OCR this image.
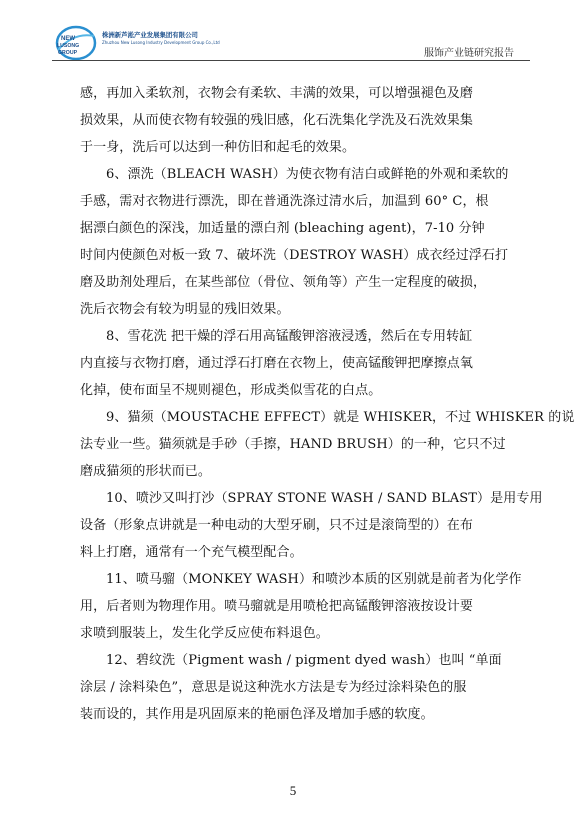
NEW
LUSONG
GROUP
株洲新芦淞产业发展集团有限公司
Zhuzhou New Lusong Industry Development Group Co.,Ltd
服饰产业链研究报告
感，再加入柔软剂，衣物会有柔软、丰满的效果，可以增强褪色及磨
损效果，从而使衣物有较强的残旧感，化石洗集化学洗及石洗效果集
于一身，洗后可以达到一种仿旧和起毛的效果。
6、漂洗（BLEACH WASH）为使衣物有洁白或鲜艳的外观和柔软的
手感，需对衣物进行漂洗，即在普通洗涤过清水后，加温到 60° C，根
据漂白颜色的深浅，加适量的漂白剂 (bleaching agent)，7-10 分钟
时间内使颜色对板一致 7、破坏洗（DESTROY WASH）成衣经过浮石打
磨及助剂处理后，在某些部位（骨位、领角等）产生一定程度的破损，
洗后衣物会有较为明显的残旧效果。
8、雪花洗 把干燥的浮石用高锰酸钾溶液浸透，然后在专用转缸
内直接与衣物打磨，通过浮石打磨在衣物上，使高锰酸钾把摩擦点氧
化掉，使布面呈不规则褪色，形成类似雪花的白点。
9、猫须（MOUSTACHE EFFECT）就是 WHISKER，不过 WHISKER 的说
法专业一些。猫须就是手砂（手擦，HAND BRUSH）的一种，它只不过
磨成猫须的形状而已。
10、喷沙又叫打沙（SPRAY STONE WASH / SAND BLAST）是用专用
设备（形象点讲就是一种电动的大型牙刷，只不过是滚筒型的）在布
料上打磨，通常有一个充气模型配合。
11、喷马骝（MONKEY WASH）和喷沙本质的区别就是前者为化学作
用，后者则为物理作用。喷马骝就是用喷枪把高锰酸钾溶液按设计要
求喷到服装上，发生化学反应使布料退色。
12、碧纹洗（Pigment wash / pigment dyed wash）也叫 “单面
涂层 / 涂料染色”，意思是说这种洗水方法是专为经过涂料染色的服
装而设的，其作用是巩固原来的艳丽色泽及增加手感的软度。
5
